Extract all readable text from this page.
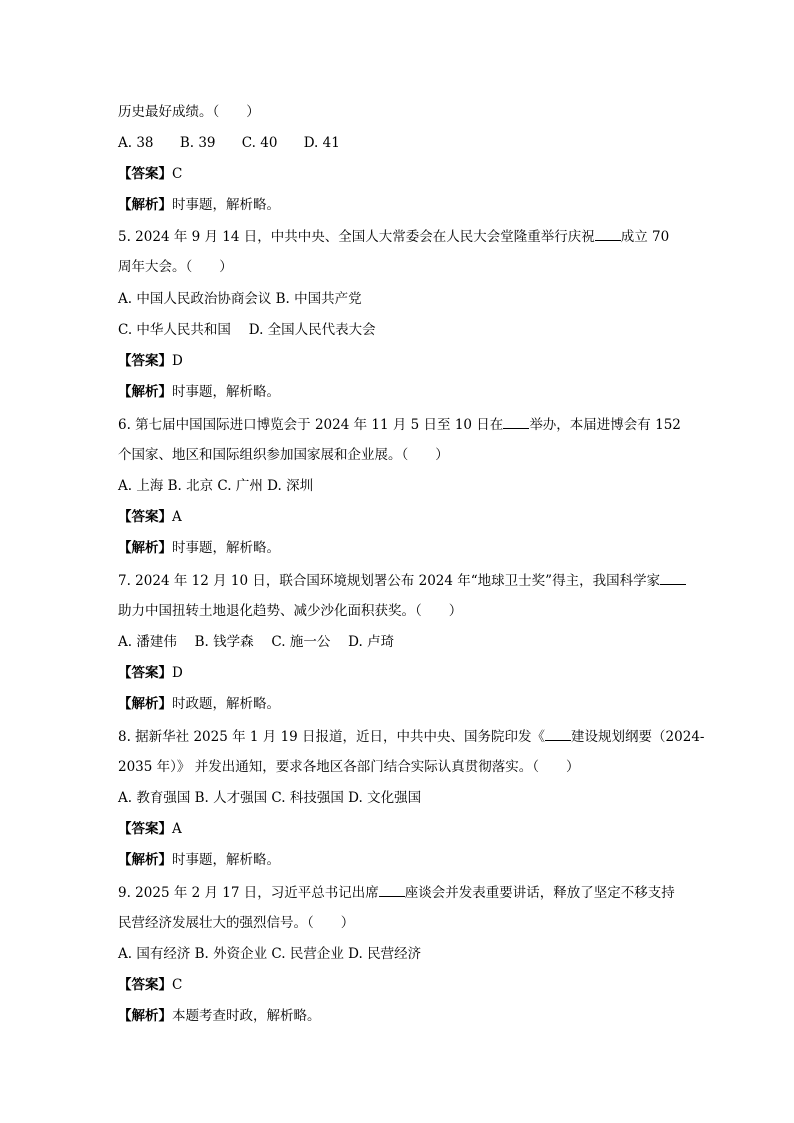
历史最好成绩。（　　）
A. 38 B. 39 C. 40 D. 41
【答案】C
【解析】时事题，解析略。
5. 2024 年 9 月 14 日，中共中央、全国人大常委会在人民大会堂隆重举行庆祝 成立 70
周年大会。（　　）
A. 中国人民政治协商会议 B. 中国共产党
C. 中华人民共和国　 D. 全国人民代表大会
【答案】D
【解析】时事题，解析略。
6. 第七届中国国际进口博览会于 2024 年 11 月 5 日至 10 日在 举办，本届进博会有 152
个国家、地区和国际组织参加国家展和企业展。（　　）
A. 上海 B. 北京 C. 广州 D. 深圳
【答案】A
【解析】时事题，解析略。
7. 2024 年 12 月 10 日，联合国环境规划署公布 2024 年“地球卫士奖”得主，我国科学家
助力中国扭转土地退化趋势、减少沙化面积获奖。（　　）
A. 潘建伟　 B. 钱学森　 C. 施一公　 D. 卢琦
【答案】D
【解析】时政题，解析略。
8. 据新华社 2025 年 1 月 19 日报道，近日，中共中央、国务院印发《 建设规划纲要（2024-
2035 年）》 并发出通知，要求各地区各部门结合实际认真贯彻落实。（　　）
A. 教育强国 B. 人才强国 C. 科技强国 D. 文化强国
【答案】A
【解析】时事题，解析略。
9. 2025 年 2 月 17 日，习近平总书记出席 座谈会并发表重要讲话，释放了坚定不移支持
民营经济发展壮大的强烈信号。（　　）
A. 国有经济 B. 外资企业 C. 民营企业 D. 民营经济
【答案】C
【解析】本题考查时政，解析略。
